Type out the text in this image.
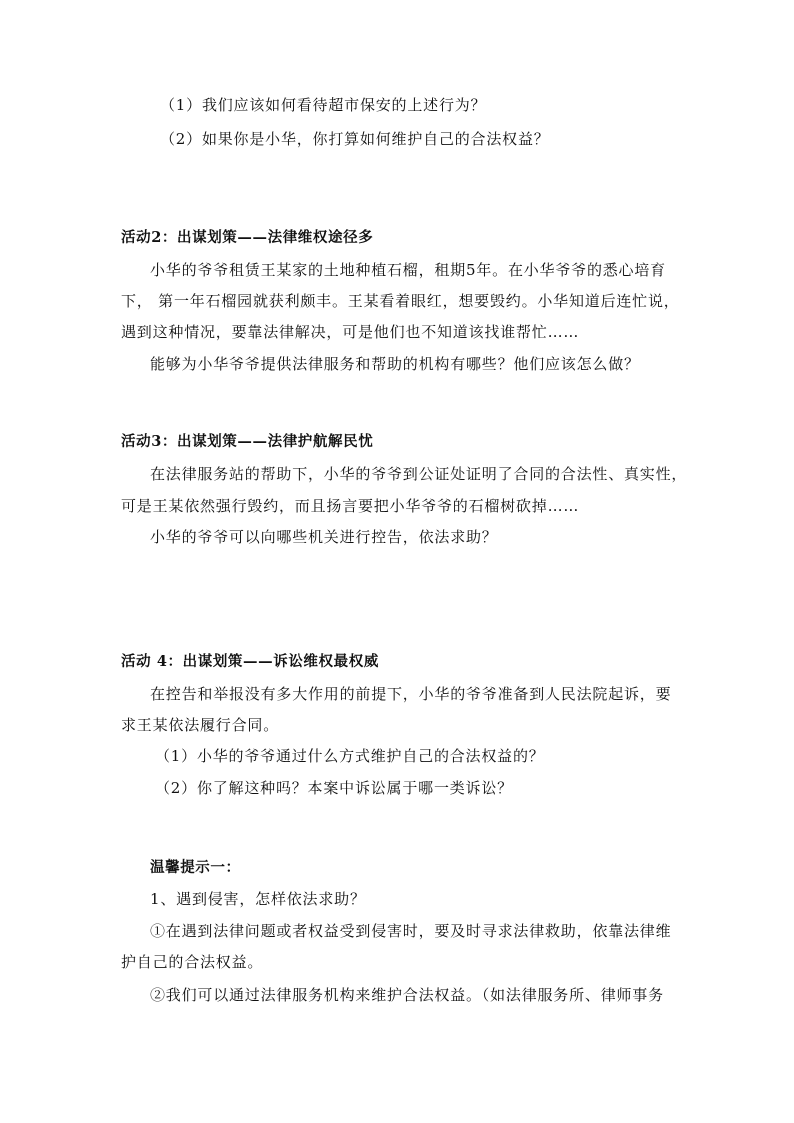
（1）我们应该如何看待超市保安的上述行为？
（2）如果你是小华，你打算如何维护自己的合法权益？
活动2：出谋划策——法律维权途径多
小华的爷爷租赁王某家的土地种植石榴，租期5年。在小华爷爷的悉心培育
下， 第一年石榴园就获利颇丰。王某看着眼红，想要毁约。小华知道后连忙说，
遇到这种情况，要靠法律解决，可是他们也不知道该找谁帮忙……
能够为小华爷爷提供法律服务和帮助的机构有哪些？他们应该怎么做？
活动3：出谋划策——法律护航解民忧
在法律服务站的帮助下，小华的爷爷到公证处证明了合同的合法性、真实性，
可是王某依然强行毁约，而且扬言要把小华爷爷的石榴树砍掉……
小华的爷爷可以向哪些机关进行控告，依法求助？
活动 4：出谋划策——诉讼维权最权威
在控告和举报没有多大作用的前提下，小华的爷爷准备到人民法院起诉，要
求王某依法履行合同。
（1）小华的爷爷通过什么方式维护自己的合法权益的？
（2）你了解这种吗？本案中诉讼属于哪一类诉讼？
温馨提示一：
1、遇到侵害，怎样依法求助？
①在遇到法律问题或者权益受到侵害时，要及时寻求法律救助，依靠法律维
护自己的合法权益。
②我们可以通过法律服务机构来维护合法权益。（如法律服务所、律师事务
